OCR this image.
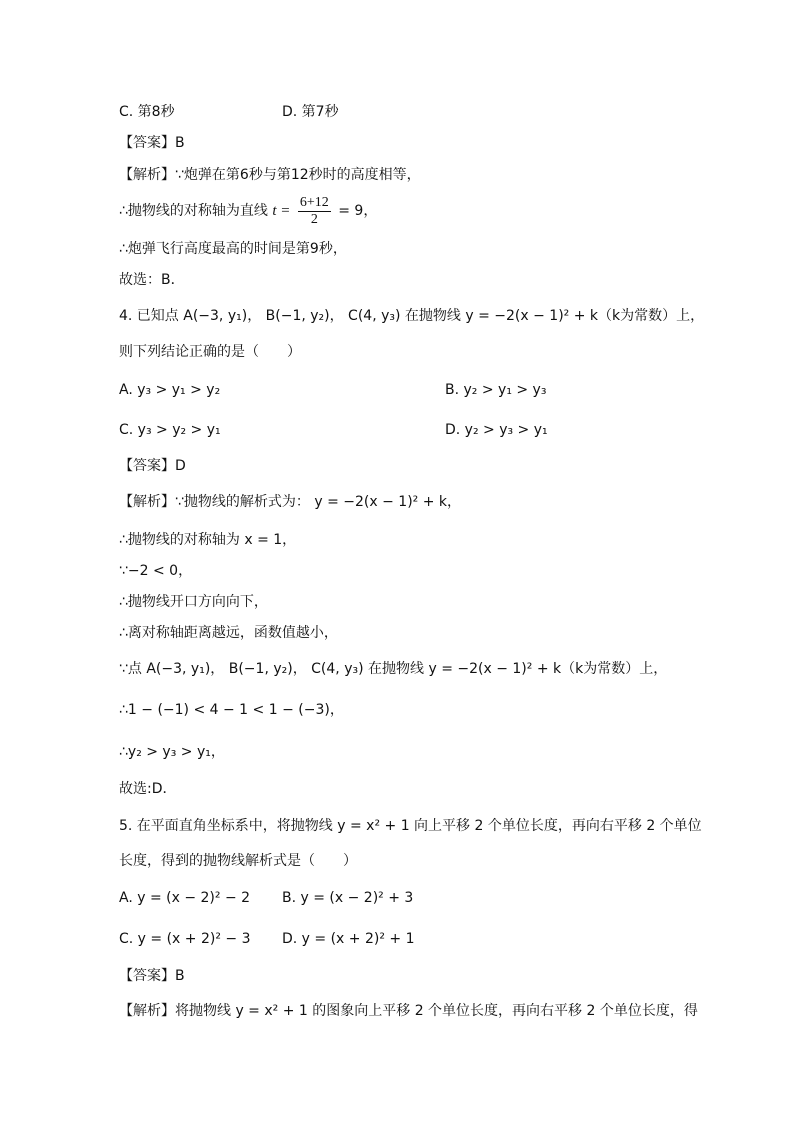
C. 第8秒	D. 第7秒
【答案】B
【解析】∵炮弹在第6秒与第12秒时的高度相等，
∴抛物线的对称轴为直线 $t = \frac{6+12}{2} = 9$，
∴炮弹飞行高度最高的时间是第9秒，
故选：B．
4. 已知点 A(−3, y₁)， B(−1, y₂)， C(4, y₃) 在抛物线 y = −2(x − 1)² + k（k为常数）上，
则下列结论正确的是（　　）
A. y₃ > y₁ > y₂	B. y₂ > y₁ > y₃
C. y₃ > y₂ > y₁	D. y₂ > y₃ > y₁
【答案】D
【解析】∵抛物线的解析式为： y = −2(x − 1)² + k，
∴抛物线的对称轴为 x = 1，
∵−2 < 0，
∴抛物线开口方向向下，
∴离对称轴距离越远，函数值越小，
∵点 A(−3, y₁)， B(−1, y₂)， C(4, y₃) 在抛物线 y = −2(x − 1)² + k（k为常数）上，
∴1 − (−1) < 4 − 1 < 1 − (−3)，
∴y₂ > y₃ > y₁，
故选:D．
5. 在平面直角坐标系中，将抛物线 y = x² + 1 向上平移 2 个单位长度，再向右平移 2 个单位
长度，得到的抛物线解析式是（　　）
A. y = (x − 2)² − 2 B. y = (x − 2)² + 3
C. y = (x + 2)² − 3 D. y = (x + 2)² + 1
【答案】B
【解析】将抛物线 y = x² + 1 的图象向上平移 2 个单位长度，再向右平移 2 个单位长度，得
